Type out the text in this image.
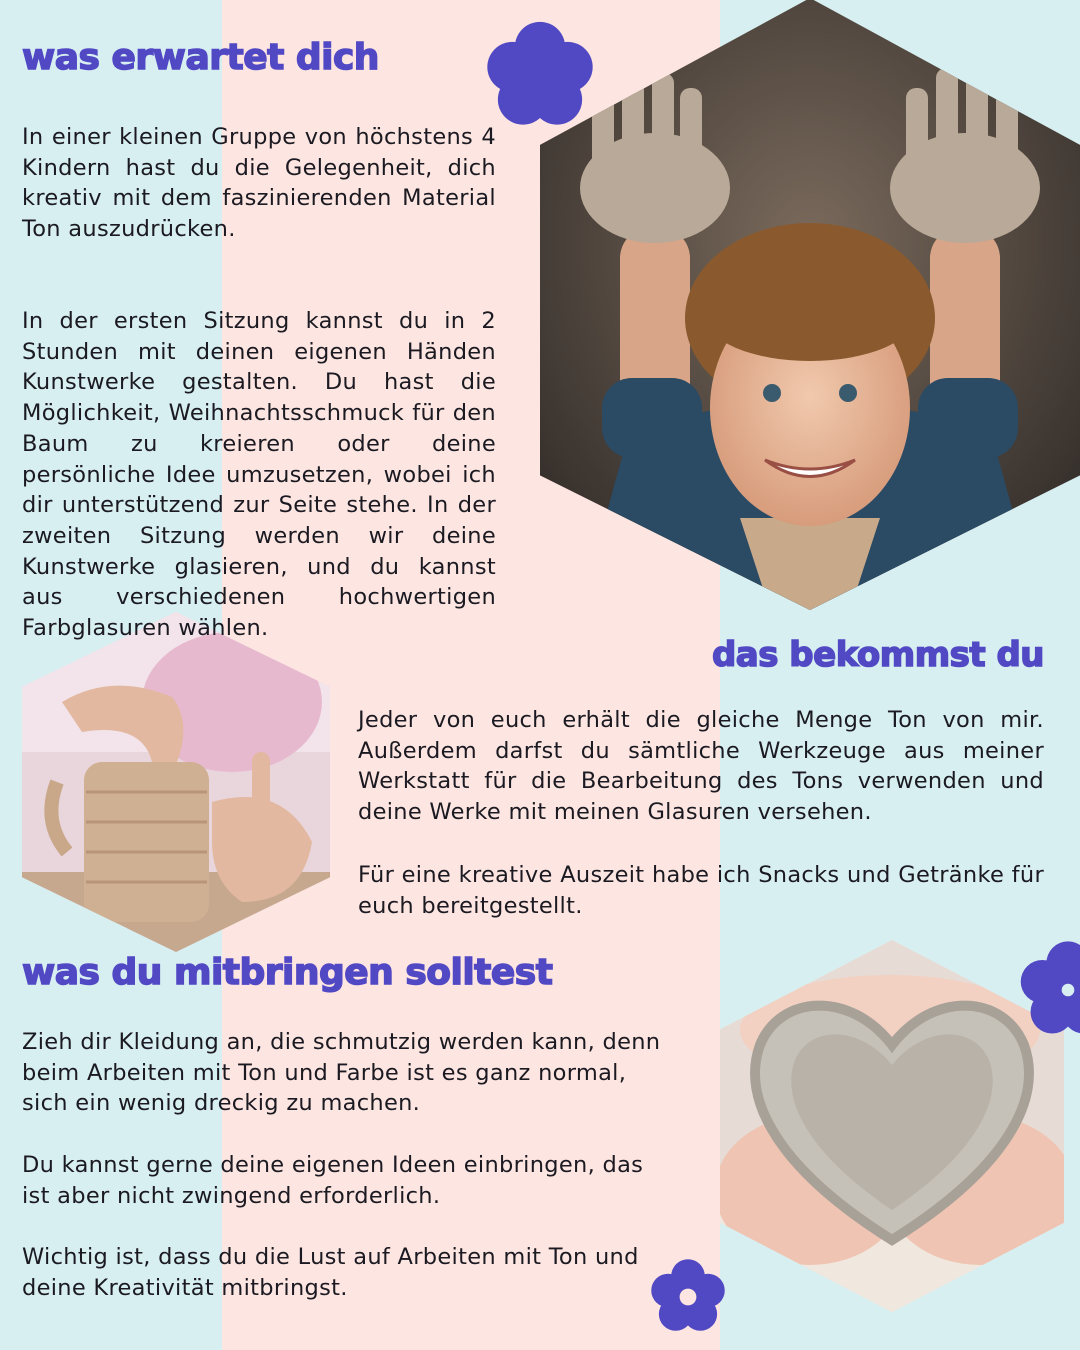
was erwartet dich

In einer kleinen Gruppe von höchstens 4 Kindern hast du die Gelegenheit, dich kreativ mit dem faszinierenden Material Ton auszudrücken.

In der ersten Sitzung kannst du in 2 Stunden mit deinen eigenen Händen Kunstwerke gestalten. Du hast die Möglichkeit, Weihnachtsschmuck für den Baum zu kreieren oder deine persönliche Idee umzusetzen, wobei ich dir unterstützend zur Seite stehe. In der zweiten Sitzung werden wir deine Kunstwerke glasieren, und du kannst aus verschiedenen hochwertigen Farbglasuren wählen.

das bekommst du

Jeder von euch erhält die gleiche Menge Ton von mir. Außerdem darfst du sämtliche Werkzeuge aus meiner Werkstatt für die Bearbeitung des Tons verwenden und deine Werke mit meinen Glasuren versehen.

Für eine kreative Auszeit habe ich Snacks und Getränke für euch bereitgestellt.

was du mitbringen solltest

Zieh dir Kleidung an, die schmutzig werden kann, denn beim Arbeiten mit Ton und Farbe ist es ganz normal, sich ein wenig dreckig zu machen.

Du kannst gerne deine eigenen Ideen einbringen, das ist aber nicht zwingend erforderlich.

Wichtig ist, dass du die Lust auf Arbeiten mit Ton und deine Kreativität mitbringst.
